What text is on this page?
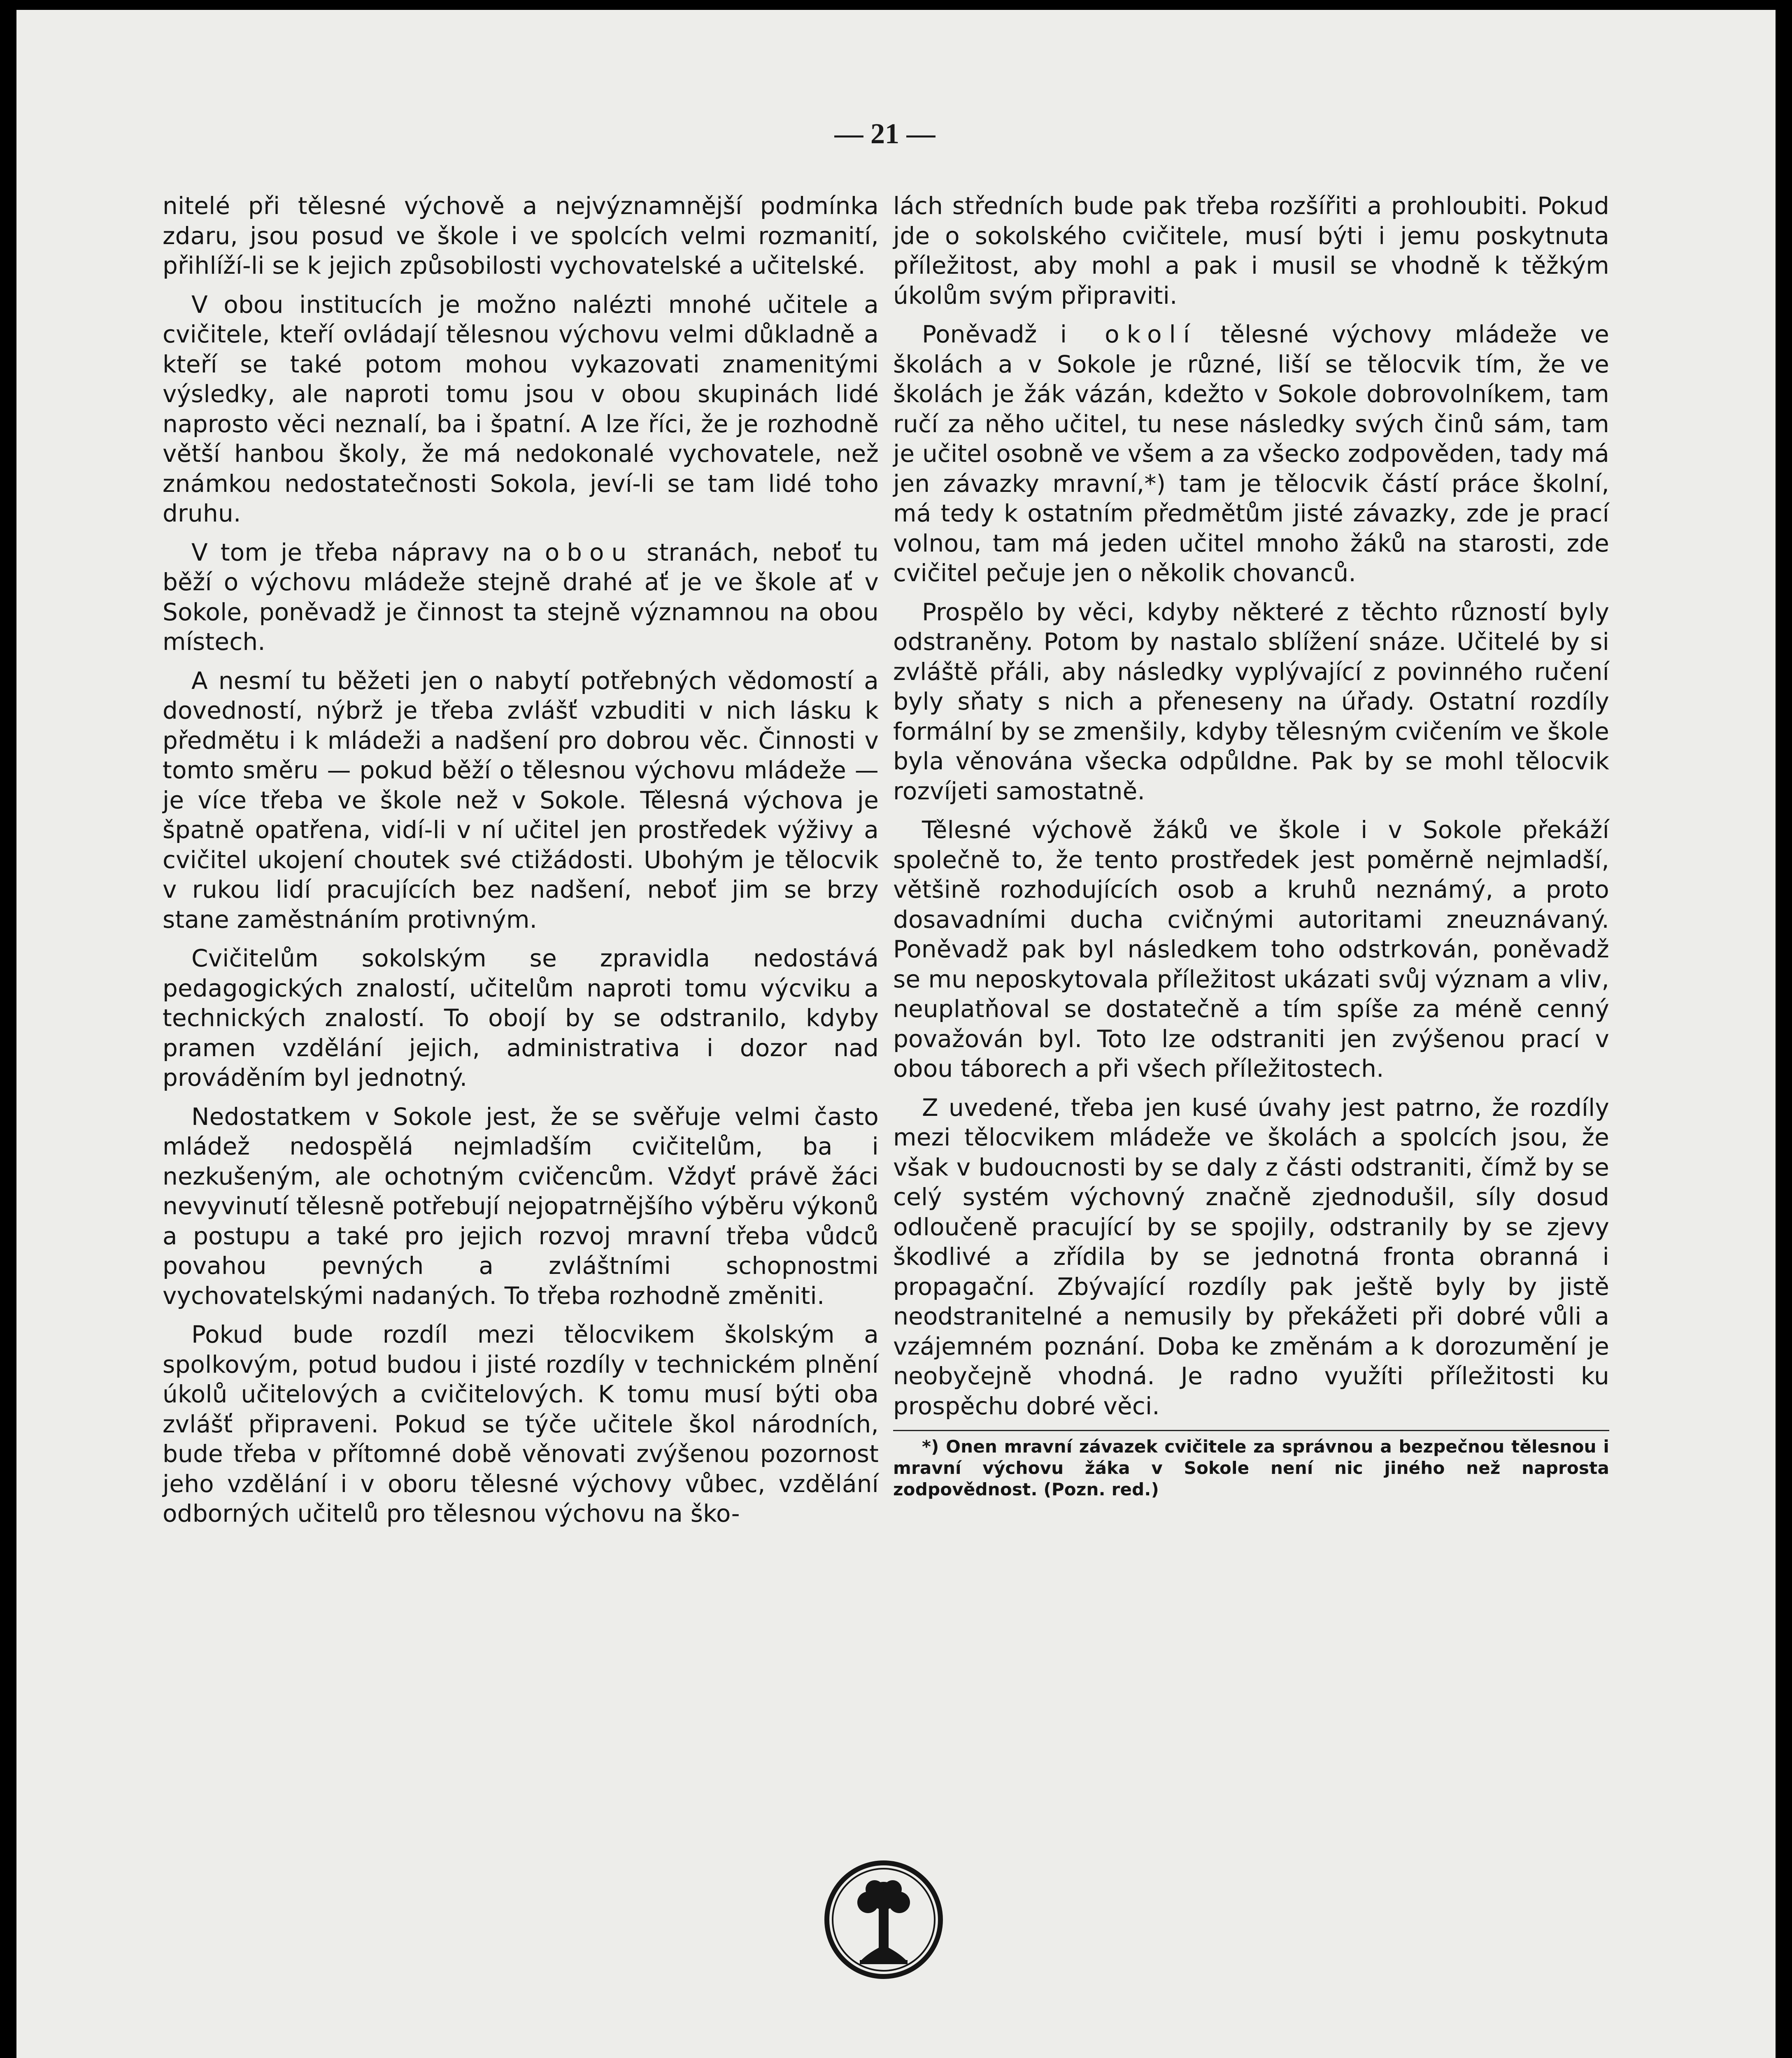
— 21 —

nitelé při tělesné výchově a nejvýznamnější podmínka zdaru, jsou posud ve škole i ve spolcích velmi rozmanití, přihlíží-li se k jejich způsobilosti vychovatelské a učitelské.

V obou institucích je možno nalézti mnohé učitele a cvičitele, kteří ovládají tělesnou výchovu velmi důkladně a kteří se také potom mohou vykazovati znamenitými výsledky, ale naproti tomu jsou v obou skupinách lidé naprosto věci neznalí, ba i špatní. A lze říci, že je rozhodně větší hanbou školy, že má nedokonalé vychovatele, než známkou nedostatečnosti Sokola, jeví-li se tam lidé toho druhu.

V tom je třeba nápravy na obou stranách, neboť tu běží o výchovu mládeže stejně drahé ať je ve škole ať v Sokole, poněvadž je činnost ta stejně významnou na obou místech.

A nesmí tu běžeti jen o nabytí potřebných vědomostí a dovedností, nýbrž je třeba zvlášť vzbuditi v nich lásku k předmětu i k mládeži a nadšení pro dobrou věc. Činnosti v tomto směru — pokud běží o tělesnou výchovu mládeže — je více třeba ve škole než v Sokole. Tělesná výchova je špatně opatřena, vidí-li v ní učitel jen prostředek výživy a cvičitel ukojení choutek své ctižádosti. Ubohým je tělocvik v rukou lidí pracujících bez nadšení, neboť jim se brzy stane zaměstnáním protivným.

Cvičitelům sokolským se zpravidla nedostává pedagogických znalostí, učitelům naproti tomu výcviku a technických znalostí. To obojí by se odstranilo, kdyby pramen vzdělání jejich, administrativa i dozor nad prováděním byl jednotný.

Nedostatkem v Sokole jest, že se svěřuje velmi často mládež nedospělá nejmladším cvičitelům, ba i nezkušeným, ale ochotným cvičencům. Vždyť právě žáci nevyvinutí tělesně potřebují nejopatrnějšího výběru výkonů a postupu a také pro jejich rozvoj mravní třeba vůdců povahou pevných a zvláštními schopnostmi vychovatelskými nadaných. To třeba rozhodně změniti.

Pokud bude rozdíl mezi tělocvikem školským a spolkovým, potud budou i jisté rozdíly v technickém plnění úkolů učitelových a cvičitelových. K tomu musí býti oba zvlášť připraveni. Pokud se týče učitele škol národních, bude třeba v přítomné době věnovati zvýšenou pozornost jeho vzdělání i v oboru tělesné výchovy vůbec, vzdělání odborných učitelů pro tělesnou výchovu na ško-

lách středních bude pak třeba rozšířiti a prohloubiti. Pokud jde o sokolského cvičitele, musí býti i jemu poskytnuta příležitost, aby mohl a pak i musil se vhodně k těžkým úkolům svým připraviti.

Poněvadž i okolí tělesné výchovy mládeže ve školách a v Sokole je různé, liší se tělocvik tím, že ve školách je žák vázán, kdežto v Sokole dobrovolníkem, tam ručí za něho učitel, tu nese následky svých činů sám, tam je učitel osobně ve všem a za všecko zodpověden, tady má jen závazky mravní,*) tam je tělocvik částí práce školní, má tedy k ostatním předmětům jisté závazky, zde je prací volnou, tam má jeden učitel mnoho žáků na starosti, zde cvičitel pečuje jen o několik chovanců.

Prospělo by věci, kdyby některé z těchto růzností byly odstraněny. Potom by nastalo sblížení snáze. Učitelé by si zvláště přáli, aby následky vyplývající z povinného ručení byly sňaty s nich a přeneseny na úřady. Ostatní rozdíly formální by se zmenšily, kdyby tělesným cvičením ve škole byla věnována všecka odpůldne. Pak by se mohl tělocvik rozvíjeti samostatně.

Tělesné výchově žáků ve škole i v Sokole překáží společně to, že tento prostředek jest poměrně nejmladší, většině rozhodujících osob a kruhů neznámý, a proto dosavadními ducha cvičnými autoritami zneuznávaný. Poněvadž pak byl následkem toho odstrkován, poněvadž se mu neposkytovala příležitost ukázati svůj význam a vliv, neuplatňoval se dostatečně a tím spíše za méně cenný považován byl. Toto lze odstraniti jen zvýšenou prací v obou táborech a při všech příležitostech.

Z uvedené, třeba jen kusé úvahy jest patrno, že rozdíly mezi tělocvikem mládeže ve školách a spolcích jsou, že však v budoucnosti by se daly z části odstraniti, čímž by se celý systém výchovný značně zjednodušil, síly dosud odloučeně pracující by se spojily, odstranily by se zjevy škodlivé a zřídila by se jednotná fronta obranná i propagační. Zbývající rozdíly pak ještě byly by jistě neodstranitelné a nemusily by překážeti při dobré vůli a vzájemném poznání. Doba ke změnám a k dorozumění je neobyčejně vhodná. Je radno využíti příležitosti ku prospěchu dobré věci.

*) Onen mravní závazek cvičitele za správnou a bezpečnou tělesnou i mravní výchovu žáka v Sokole není nic jiného než naprosta zodpovědnost. (Pozn. red.)
